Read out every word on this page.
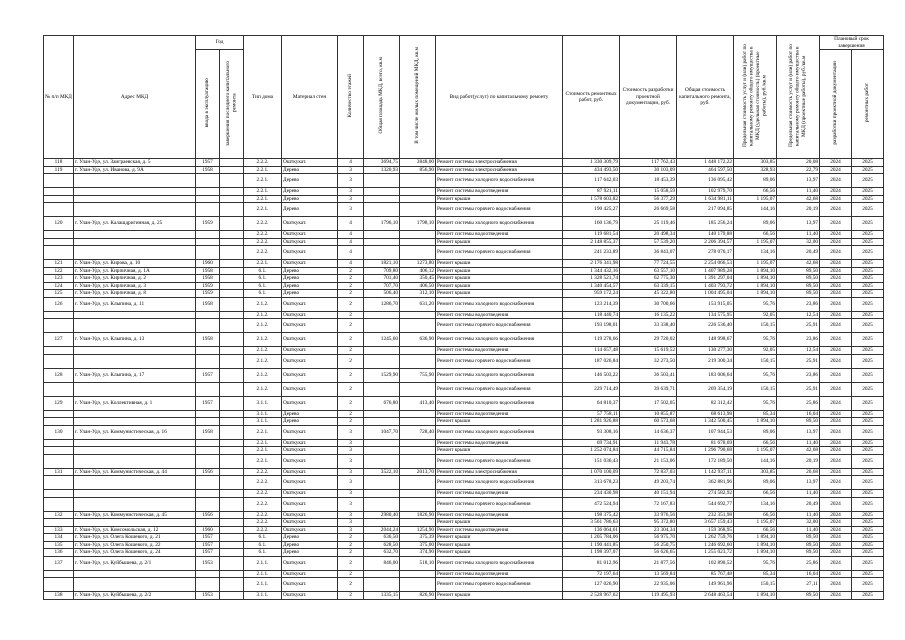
№ п/п МКД	Адрес МКД	Год		Тип дома	Материал стен	Количество этажей	Общая площадь МКД, всего, кв.м	В том числе жилых помещений МКД, кв.м	Вид работ(услуг) по капитальному ремонту	Стоимость ремонтных работ, руб.	Стоимость разработки проектной документации, руб.	Общая стоимость капитального ремонта, руб.	Предельная стоимость услуг и (или) работ по капитальному ремонту общего имущества в МКД (удельная стоимость) (проектные работы), руб./кв.м	Предельная стоимость услуг и (или) работ по капитальному ремонту общего имущества в МКД (проектные работы), руб./кв.м	Плановый срок завершения	
		ввода в эксплуатацию	завершения последнего капитального ремонта												разработки проектной документации	ремонтных работ
118	г. Улан-Удэ, ул. Заиграевская, д. 5	1957		2.2.2.	Ошткукат.	4	3694,75	3848,00	Ремонт системы электроснабжения	1 330 309,79	117 762,43	1 448 172,22	303,85	20,08	2024	2025
119	г. Улан-Удэ, ул. Иванова, д. 9А	1958		2.2.1.	Дерево	3	1320,93	856,90	Ремонт системы электроснабжения	434 493,50	30 103,09	464 597,50	328,93	22,79	2024	2025
				2.2.1.	Дерево	3			Ремонт системы холодного водоснабжения	117 642,03	18 453,39	136 095,42	89,06	13,97	2024	2025
				2.2.1.	Дерево	3			Ремонт системы водоотведения	87 921,11	15 058,59	102 979,70	66,56	11,40	2024	2025
				2.2.1.	Дерево	3			Ремонт крыши	1 578 603,82	56 377,29	1 634 981,11	1 195,07	42,68	2024	2025
				2.2.1.	Дерево	3			Ремонт системы горячего водоснабжения	190 425,27	26 669,58	217 094,85	144,16	20,19	2024	2025
120	г. Улан-Удэ, ул. Калашдригинная, д. 25	1959		2.2.2.	Ошткукат.	4	1796,10	1798,10	Ремонт системы холодного водоснабжения	160 136,79	25 119,46	185 256,24	89,06	13,97	2024	2025
				2.2.2.	Ошткукат.	4			Ремонт системы водоотведения	119 681,54	20 498,34	140 179,88	66,56	11,40	2024	2025
				2.2.2.	Ошткукат.	4			Ремонт крыши	2 148 855,37	57 539,20	2 206 394,57	1 195,07	32,00	2024	2025
				2.2.2.	Ошткукат.	4			Ремонт системы горячего водоснабжения	241 233,89	36 843,07	278 076,17	134,16	20,49	2024	2025
121	г. Улан-Удэ, ул. Кирова, д. 10	1960		2.2.1.	Ошткукат.	4	1821,10	1273,80	Ремонт крыши	2 176 341,98	77 724,55	2 254 066,53	1 195,07	42,68	2024	2025
122	г. Улан-Удэ, ул. Кирпичная, д. 1А	1958		6.1.	Дерево	2	709,80	406,12	Ремонт крыши	1 344 432,16	63 557,10	1 407 989,28	1 894,10	89,50	2024	2025
123	г. Улан-Удэ, ул. Кирпичная, д. 2	1958		6.1.	Дерево	2	701,40	350,45	Ремонт крыши	1 328 521,74	62 775,30	1 391 297,04	1 894,10	89,50	2024	2025
124	г. Улан-Удэ, ул. Кирпичная, д. 3	1959		6.1.	Дерево	2	707,70	406,50	Ремонт крыши	1 340 454,57	63 339,15	1 403 793,72	1 894,10	89,50	2024	2025
125	г. Улан-Удэ, ул. Кирпичная, д. 8	1959		6.1.	Дерево	2	506,40	312,10	Ремонт крыши	959 172,24	45 322,80	1 004 495,04	1 894,10	89,50	2024	2025
126	г. Улан-Удэ, ул. Клыпина, д. 11	1958		2.1.2.	Ошткукат.	2	1286,70	631,20	Ремонт системы холодного водоснабжения	123 214,39	30 700,66	153 915,05	95,76	23,86	2024	2025
				2.1.2.	Ошткукат.	2			Ремонт системы водоотведения	118 440,74	16 135,22	134 575,95	92,05	12,54	2024	2025
				2.1.2.	Ошткукат.	2			Ремонт системы горячего водоснабжения	193 198,01	33 338,40	226 536,40	150,15	25,91	2024	2025
127	г. Улан-Удэ, ул. Клыпина, д. 13	1958		2.1.2.	Ошткукат.	2	1245,60	636,90	Ремонт системы холодного водоснабжения	119 278,66	29 720,02	148 998,67	95,76	23,86	2024	2025
				2.1.2.	Ошткукат.	2			Ремонт системы водоотведения	114 657,48	15 619,52	130 277,30	92,05	12,54	2024	2025
				2.1.2.	Ошткукат.	2			Ремонт системы горячего водоснабжения	187 026,84	32 273,50	219 300,34	150,15	25,91	2024	2025
128	г. Улан-Удэ, ул. Клыпина, д. 17	1957		2.1.2.	Ошткукат.	2	1529,90	755,90	Ремонт системы холодного водоснабжения	146 503,22	36 503,41	183 006,64	95,76	23,86	2024	2025
				2.1.2.	Ошткукат.	2			Ремонт системы горячего водоснабжения	229 714,49	39 639,71	269 354,19	150,15	25,91	2024	2025
129	г. Улан-Удэ, ул. Коллективная, д. 1	1957		3.1.1.	Ошткукат.	2	676,80	413,40	Ремонт системы холодного водоснабжения	64 810,37	17 502,05	82 312,42	95,76	25,86	2024	2025
				3.1.1.	Дерево	2			Ремонт системы водоотведения	57 758,11	10 855,87	68 613,98	85,34	16,04	2024	2025
				3.1.1.	Дерево	2			Ремонт крыши	1 281 926,88	60 573,68	1 342 500,45	1 894,10	89,50	2024	2025
130	г. Улан-Удэ, ул. Коммунистическая, д. 16	1958		2.2.1.	Ошткукат.	3	1047,70	728,40	Ремонт системы холодного водоснабжения	93 308,16	14 636,37	107 944,53	89,06	13,97	2024	2025
				2.2.1.	Ошткукат.	3			Ремонт системы водоотведения	69 734,91	11 943,78	81 678,69	66,56	11,40	2024	2025
				2.2.1.	Ошткукат.	3			Ремонт крыши	1 252 074,84	44 715,84	1 296 790,68	1 195,07	42,68	2024	2025
				2.2.1.	Ошткукат.	3			Ремонт системы горячего водоснабжения	151 036,43	21 153,06	172 189,50	144,16	20,19	2024	2025
131	г. Улан-Удэ, ул. Коммунистическая, д. 44	1956		2.2.2.	Ошткукат.	3	3522,10	2013,70	Ремонт системы электроснабжения	1 070 100,09	72 837,03	1 142 937,11	303,85	20,68	2024	2025
				2.2.2.	Ошткукат.	3			Ремонт системы холодного водоснабжения	313 678,23	49 203,74	362 881,96	89,06	13,97	2024	2025
				2.2.2.	Ошткукат.	3			Ремонт системы водоотведения	234 430,98	40 151,94	274 582,92	66,56	11,40	2024	2025
				2.2.2.	Ошткукат.	3			Ремонт системы горячего водоснабжения	472 524,94	72 167,83	544 692,77	134,16	20,49	2024	2025
132	г. Улан-Удэ, ул. Коммунистическая, д. 45	1956		2.2.2.	Ошткукат.	3	2980,40	1826,90	Ремонт системы водоотведения	198 375,42	33 976,56	232 351,98	66,56	11,40	2024	2025
				2.2.2.	Ошткукат.	3			Ремонт крыши	3 561 786,63	95 372,80	3 657 159,43	1 195,07	32,00	2024	2025
133	г. Улан-Удэ, ул. Комсомольская, д. 12	1960		2.2.2.	Ошткукат.	3	2044,24	1254,90	Ремонт системы водоотведения	136 064,61	23 304,34	159 368,95	66,56	11,40	2024	2025
134	г. Улан-Удэ, ул. Олега Кошевого, д. 21	1957		6.1.	Дерево	2	636,50	375,39	Ремонт крыши	1 205 784,06	56 975,70	1 262 759,76	1 894,10	89,50	2024	2025
135	г. Улан-Удэ, ул. Олега Кошевого, д. 22	1957		6.1.	Дерево	2	628,50	375,00	Ремонт крыши	1 190 441,85	56 250,75	1 246 692,60	1 894,10	89,50	2024	2025
136	г. Улан-Удэ, ул. Олега Кошевого, д. 24	1957		6.1.	Дерево	2	632,70	374,90	Ремонт крыши	1 198 397,07	56 626,65	1 255 023,72	1 894,10	89,50	2024	2025
137	г. Улан-Удэ, ул. Куйбышева, д. 2/1	1953		2.1.1.	Ошткукат.	2	846,00	518,10	Ремонт системы холодного водоснабжения	81 012,96	21 877,56	102 890,52	95,76	25,86	2024	2025
				2.1.1.	Ошткукат.	2			Ремонт системы водоотведения	72 197,64	13 569,84	85 767,48	85,34	16,04	2024	2025
				2.1.1.	Ошткукат.	2			Ремонт системы горячего водоснабжения	127 026,90	22 935,06	149 961,96	150,15	27,11	2024	2025
138	г. Улан-Удэ, ул. Куйбышева, д. 2/2	1953		3.1.1.	Ошткукат.	2	1335,15	826,90	Ремонт крыши	2 528 967,62	119 495,93	2 648 463,54	1 894,10	89,50	2024	2025
